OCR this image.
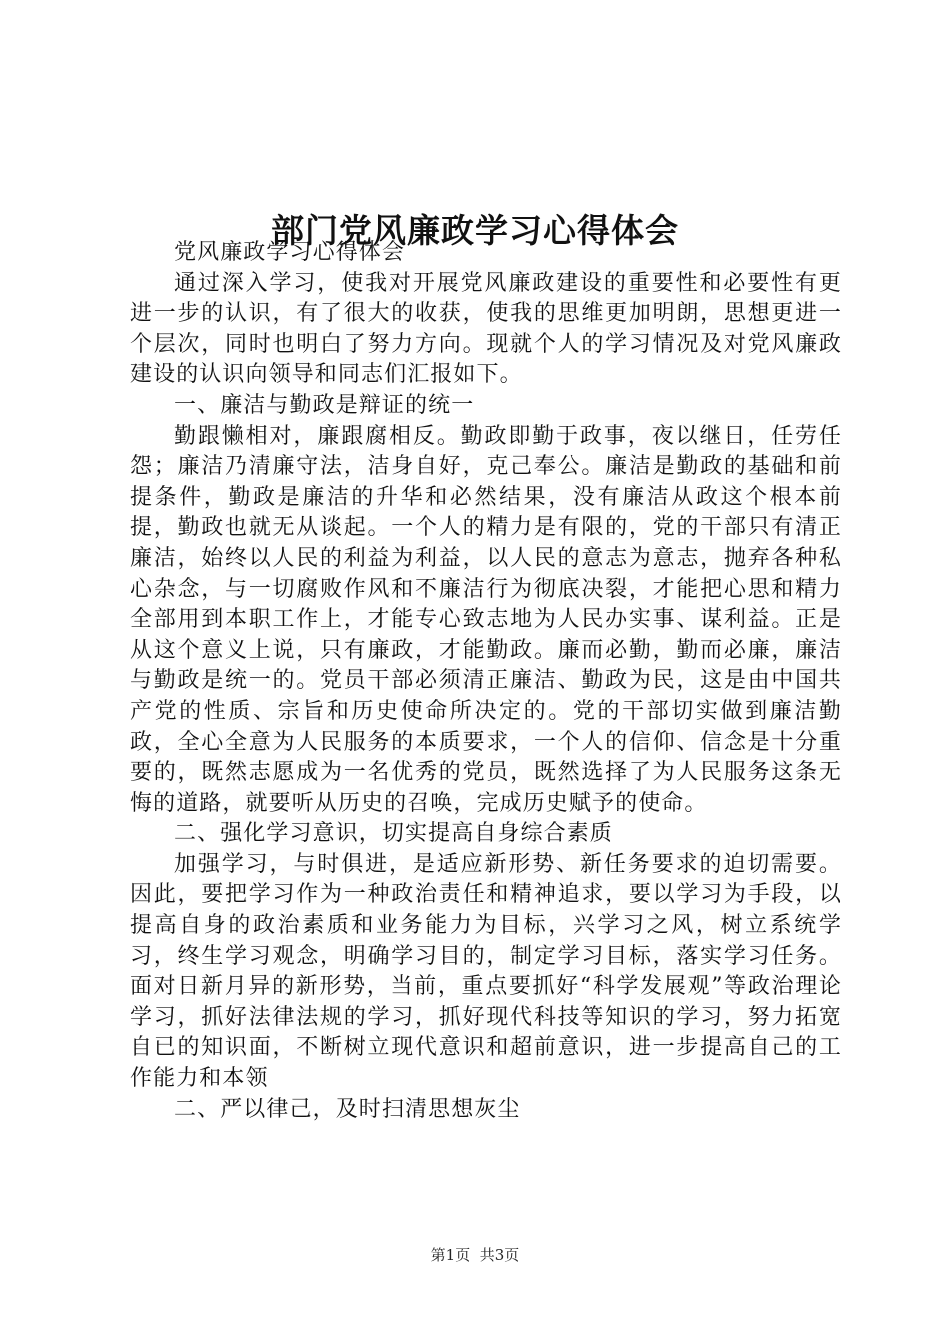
部门党风廉政学习心得体会

党风廉政学习心得体会

通过深入学习，使我对开展党风廉政建设的重要性和必要性有更进一步的认识，有了很大的收获，使我的思维更加明朗，思想更进一个层次，同时也明白了努力方向。现就个人的学习情况及对党风廉政建设的认识向领导和同志们汇报如下。

一、廉洁与勤政是辩证的统一

勤跟懒相对，廉跟腐相反。勤政即勤于政事，夜以继日，任劳任怨；廉洁乃清廉守法，洁身自好，克己奉公。廉洁是勤政的基础和前提条件，勤政是廉洁的升华和必然结果，没有廉洁从政这个根本前提，勤政也就无从谈起。一个人的精力是有限的，党的干部只有清正廉洁，始终以人民的利益为利益，以人民的意志为意志，抛弃各种私心杂念，与一切腐败作风和不廉洁行为彻底决裂，才能把心思和精力全部用到本职工作上，才能专心致志地为人民办实事、谋利益。正是从这个意义上说，只有廉政，才能勤政。廉而必勤，勤而必廉，廉洁与勤政是统一的。党员干部必须清正廉洁、勤政为民，这是由中国共产党的性质、宗旨和历史使命所决定的。党的干部切实做到廉洁勤政，全心全意为人民服务的本质要求，一个人的信仰、信念是十分重要的，既然志愿成为一名优秀的党员，既然选择了为人民服务这条无悔的道路，就要听从历史的召唤，完成历史赋予的使命。

二、强化学习意识，切实提高自身综合素质

加强学习，与时俱进，是适应新形势、新任务要求的迫切需要。因此，要把学习作为一种政治责任和精神追求，要以学习为手段，以提高自身的政治素质和业务能力为目标，兴学习之风，树立系统学习，终生学习观念，明确学习目的，制定学习目标，落实学习任务。面对日新月异的新形势，当前，重点要抓好“科学发展观”等政治理论学习，抓好法律法规的学习，抓好现代科技等知识的学习，努力拓宽自已的知识面，不断树立现代意识和超前意识，进一步提高自己的工作能力和本领

二、严以律己，及时扫清思想灰尘

第1页 共3页
